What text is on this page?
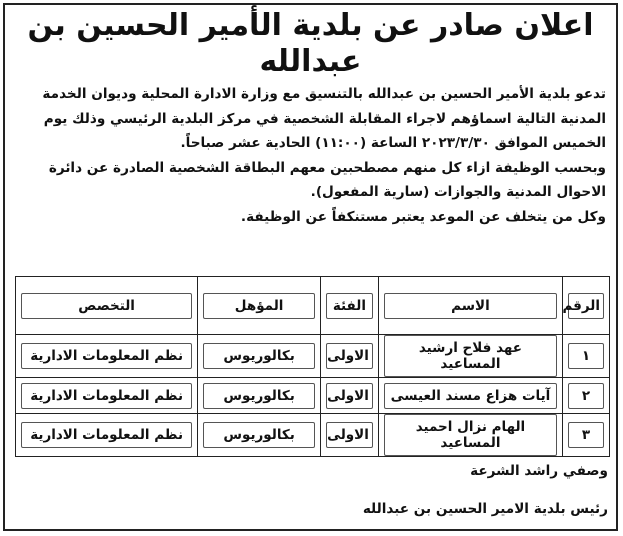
اعلان صادر عن بلدية الأمير الحسين بن عبدالله
تدعو بلدية الأمير الحسين بن عبدالله بالتنسيق مع وزارة الادارة المحلية وديوان الخدمة
المدنية التالية اسماؤهم لاجراء المقابلة الشخصية في مركز البلدية الرئيسي وذلك يوم
الخميس الموافق ٢٠٢٣/٣/٣٠ الساعة (١١:٠٠) الحادية عشر صباحاً.
وبحسب الوظيفة ازاء كل منهم مصطحبين معهم البطاقة الشخصية الصادرة عن دائرة
الاحوال المدنية والجوازات (سارية المفعول).
وكل من يتخلف عن الموعد يعتبر مستنكفاً عن الوظيفة.
الرقم	الاسم	الفئة	المؤهل	التخصص
١	عهد فلاح ارشيد المساعيد	الاولى	بكالوريوس	نظم المعلومات الادارية
٢	آيات هزاع مسند العيسى	الاولى	بكالوريوس	نظم المعلومات الادارية
٣	الهام نزال احميد المساعيد	الاولى	بكالوريوس	نظم المعلومات الادارية
وصفي راشد الشرعة
رئيس بلدية الامير الحسين بن عبدالله
